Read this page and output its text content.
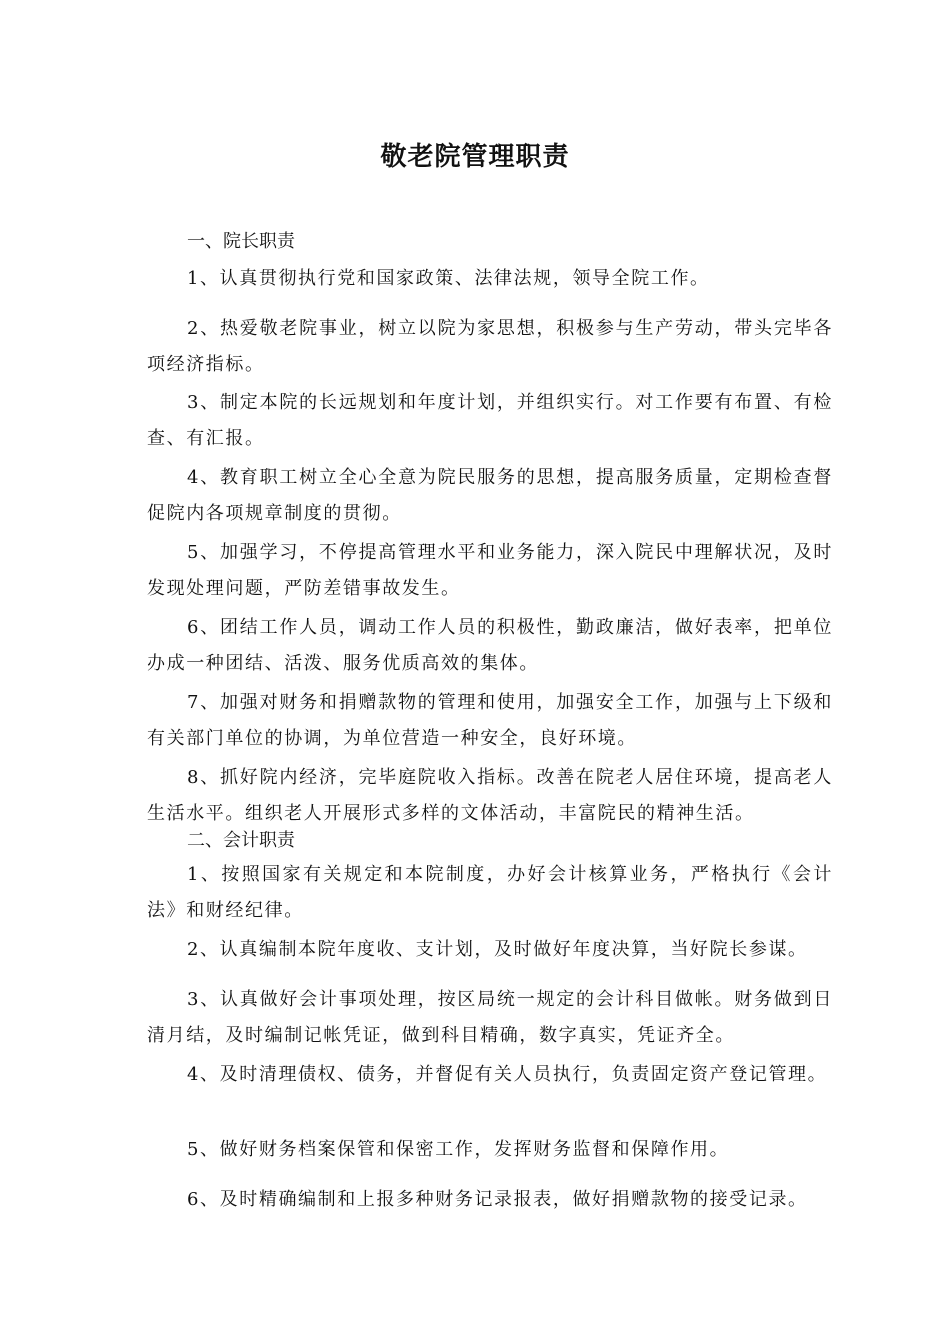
敬老院管理职责
一、院长职责
1、认真贯彻执行党和国家政策、法律法规，领导全院工作。
2、热爱敬老院事业，树立以院为家思想，积极参与生产劳动，带头完毕各项经济指标。
3、制定本院的长远规划和年度计划，并组织实行。对工作要有布置、有检查、有汇报。
4、教育职工树立全心全意为院民服务的思想，提高服务质量，定期检查督促院内各项规章制度的贯彻。
5、加强学习，不停提高管理水平和业务能力，深入院民中理解状况，及时发现处理问题，严防差错事故发生。
6、团结工作人员，调动工作人员的积极性，勤政廉洁，做好表率，把单位办成一种团结、活泼、服务优质高效的集体。
7、加强对财务和捐赠款物的管理和使用，加强安全工作，加强与上下级和有关部门单位的协调，为单位营造一种安全，良好环境。
8、抓好院内经济，完毕庭院收入指标。改善在院老人居住环境，提高老人生活水平。组织老人开展形式多样的文体活动，丰富院民的精神生活。
二、会计职责
1、按照国家有关规定和本院制度，办好会计核算业务，严格执行《会计法》和财经纪律。
2、认真编制本院年度收、支计划，及时做好年度决算，当好院长参谋。
3、认真做好会计事项处理，按区局统一规定的会计科目做帐。财务做到日清月结，及时编制记帐凭证，做到科目精确，数字真实，凭证齐全。
4、及时清理债权、债务，并督促有关人员执行，负责固定资产登记管理。
5、做好财务档案保管和保密工作，发挥财务监督和保障作用。
6、及时精确编制和上报多种财务记录报表，做好捐赠款物的接受记录。
